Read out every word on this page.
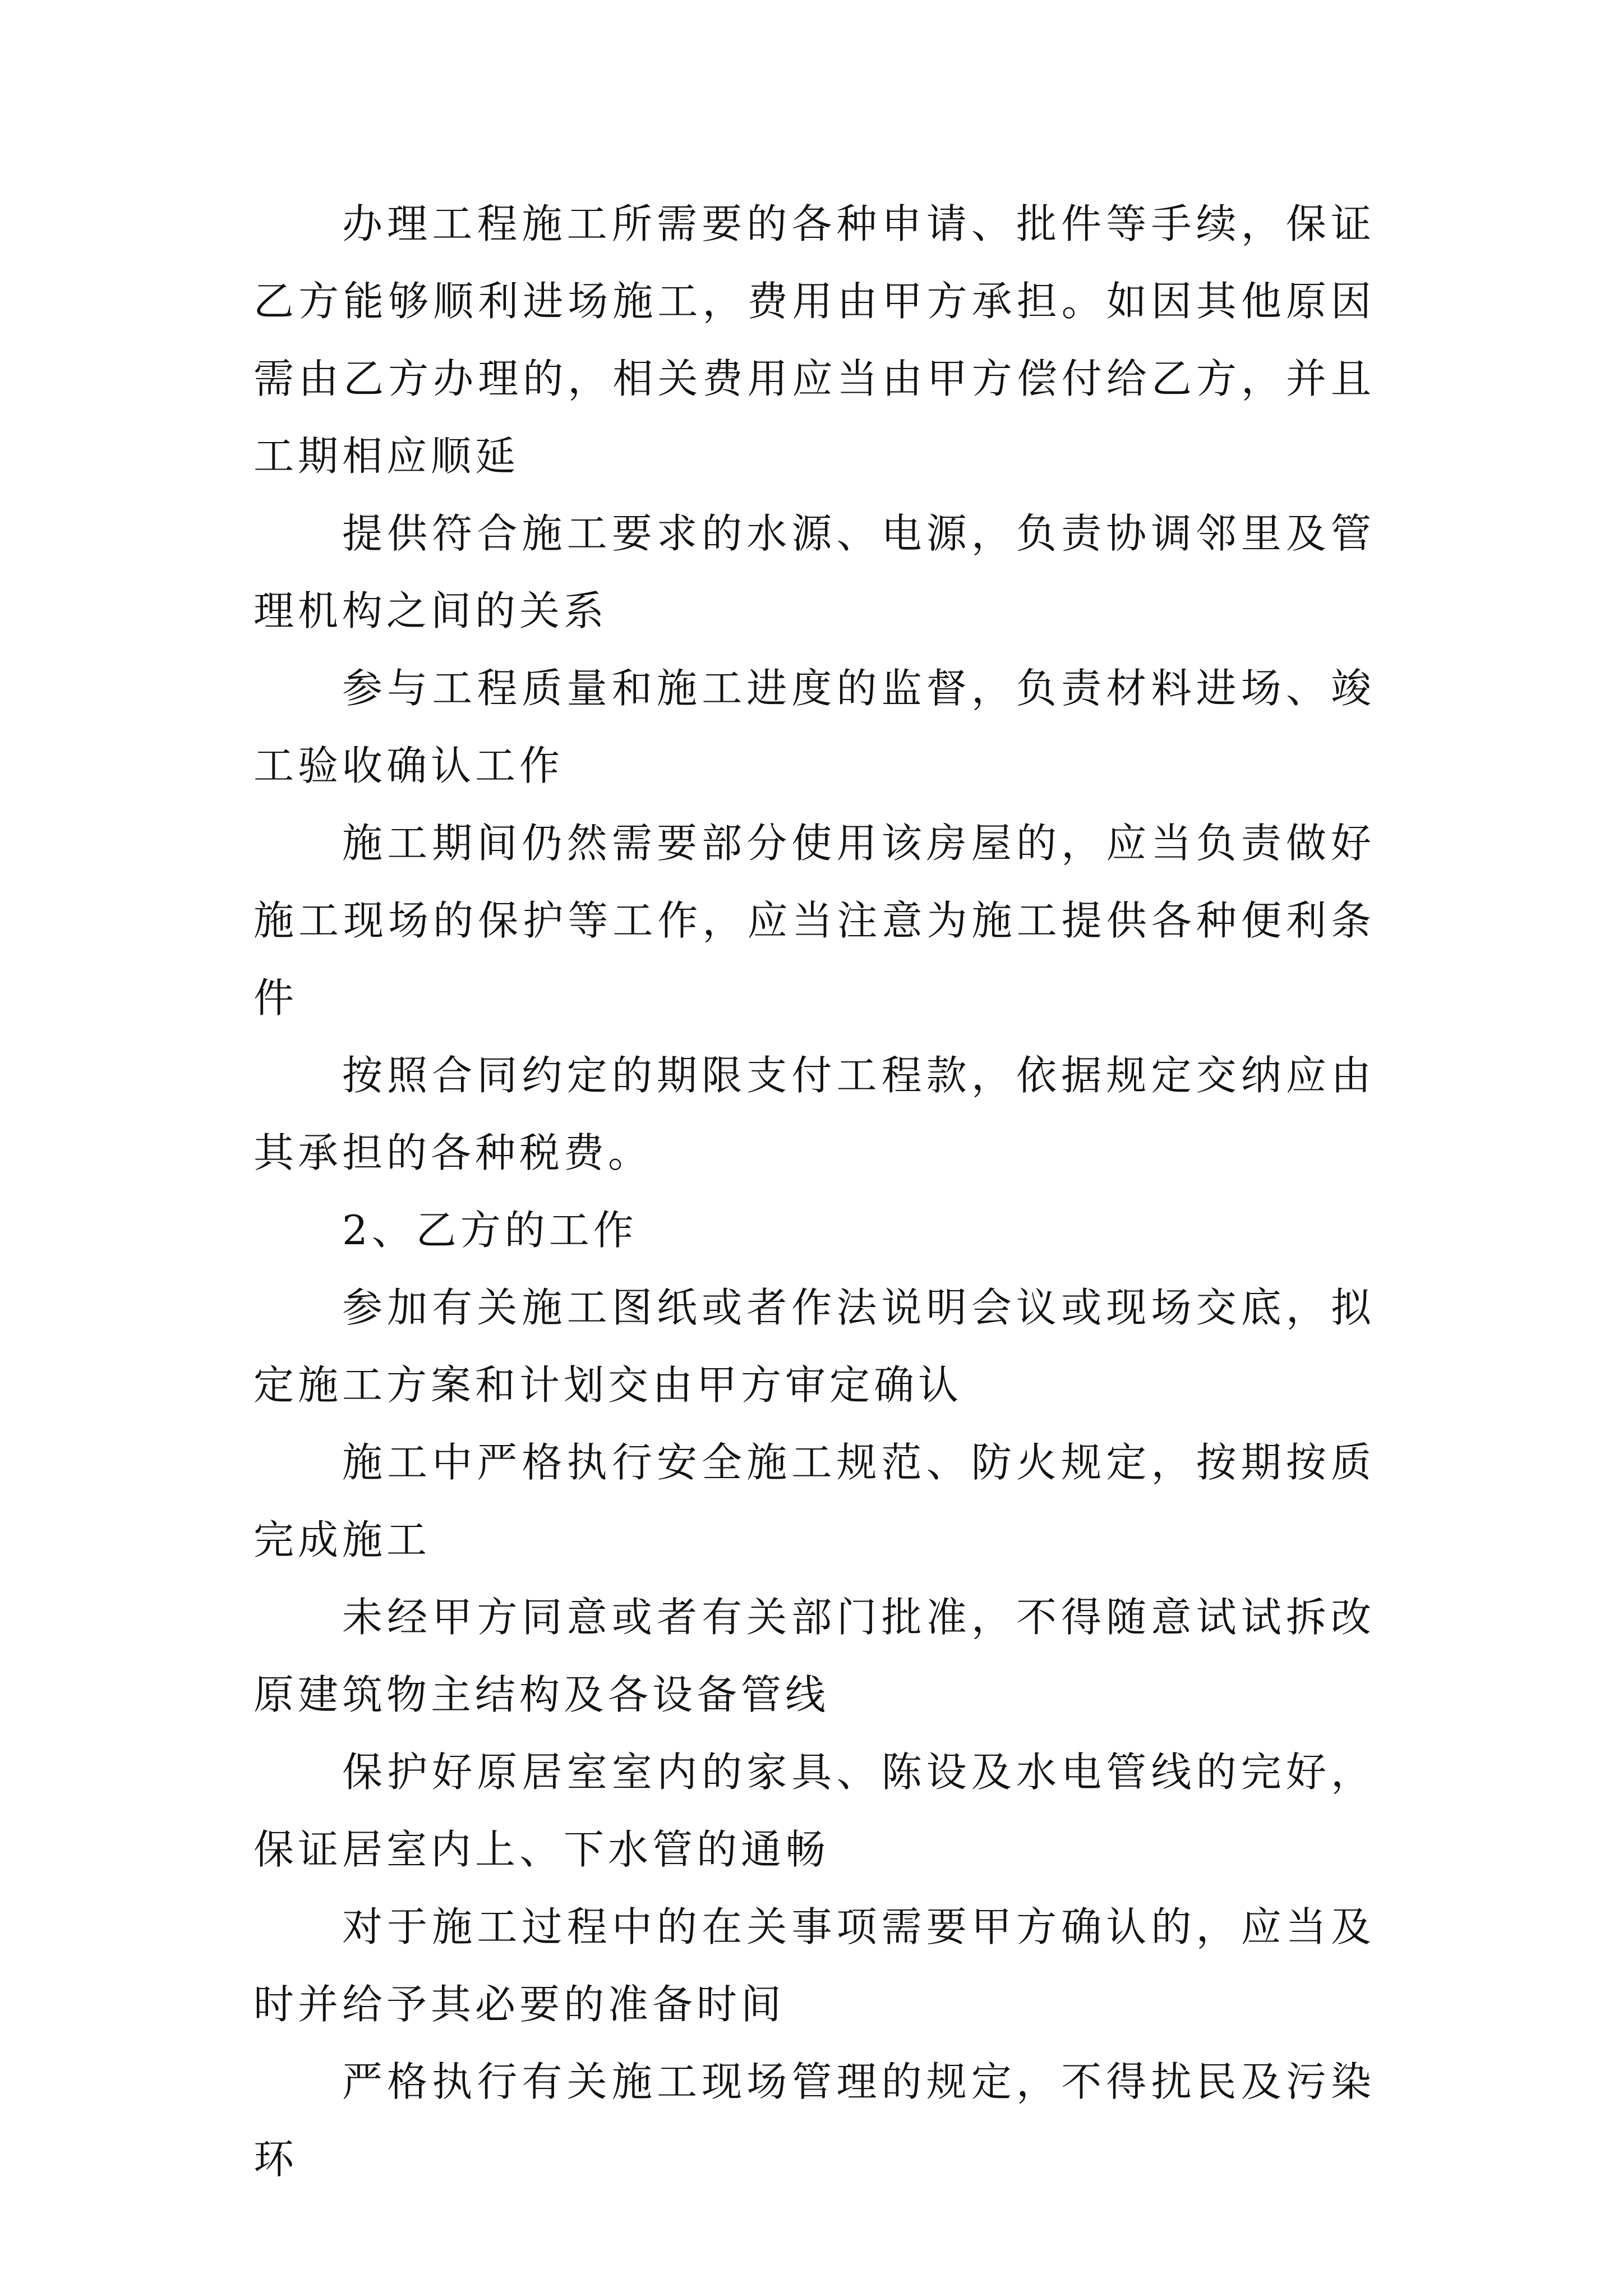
办理工程施工所需要的各种申请、批件等手续，保证乙方能够顺利进场施工，费用由甲方承担。如因其他原因需由乙方办理的，相关费用应当由甲方偿付给乙方，并且工期相应顺延

提供符合施工要求的水源、电源，负责协调邻里及管理机构之间的关系

参与工程质量和施工进度的监督，负责材料进场、竣工验收确认工作

施工期间仍然需要部分使用该房屋的，应当负责做好施工现场的保护等工作，应当注意为施工提供各种便利条件

按照合同约定的期限支付工程款，依据规定交纳应由其承担的各种税费。

2、乙方的工作

参加有关施工图纸或者作法说明会议或现场交底，拟定施工方案和计划交由甲方审定确认

施工中严格执行安全施工规范、防火规定，按期按质完成施工

未经甲方同意或者有关部门批准，不得随意试试拆改原建筑物主结构及各设备管线

保护好原居室室内的家具、陈设及水电管线的完好，保证居室内上、下水管的通畅

对于施工过程中的在关事项需要甲方确认的，应当及时并给予其必要的准备时间

严格执行有关施工现场管理的规定，不得扰民及污染环
